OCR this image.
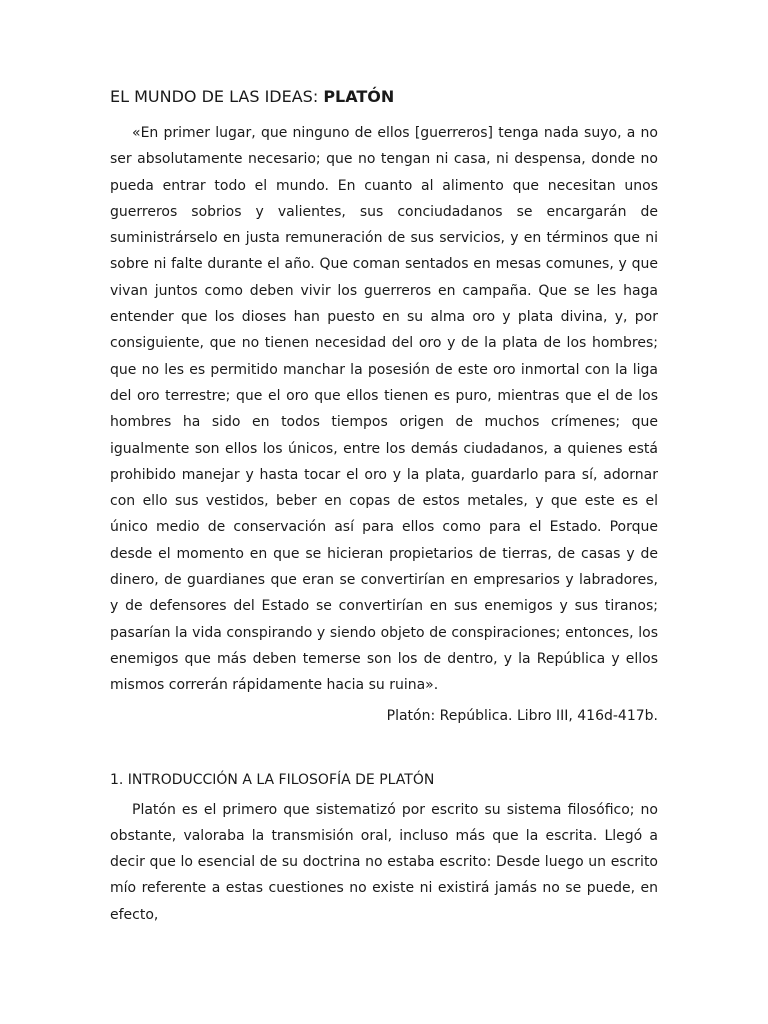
EL MUNDO DE LAS IDEAS: PLATÓN

«En primer lugar, que ninguno de ellos [guerreros] tenga nada suyo, a no ser absolutamente necesario; que no tengan ni casa, ni despensa, donde no pueda entrar todo el mundo. En cuanto al alimento que necesitan unos guerreros sobrios y valientes, sus conciudadanos se encargarán de suministrárselo en justa remuneración de sus servicios, y en términos que ni sobre ni falte durante el año. Que coman sentados en mesas comunes, y que vivan juntos como deben vivir los guerreros en campaña. Que se les haga entender que los dioses han puesto en su alma oro y plata divina, y, por consiguiente, que no tienen necesidad del oro y de la plata de los hombres; que no les es permitido manchar la posesión de este oro inmortal con la liga del oro terrestre; que el oro que ellos tienen es puro, mientras que el de los hombres ha sido en todos tiempos origen de muchos crímenes; que igualmente son ellos los únicos, entre los demás ciudadanos, a quienes está prohibido manejar y hasta tocar el oro y la plata, guardarlo para sí, adornar con ello sus vestidos, beber en copas de estos metales, y que este es el único medio de conservación así para ellos como para el Estado. Porque desde el momento en que se hicieran propietarios de tierras, de casas y de dinero, de guardianes que eran se convertirían en empresarios y labradores, y de defensores del Estado se convertirían en sus enemigos y sus tiranos; pasarían la vida conspirando y siendo objeto de conspiraciones; entonces, los enemigos que más deben temerse son los de dentro, y la República y ellos mismos correrán rápidamente hacia su ruina».

Platón: República. Libro III, 416d-417b.

1. INTRODUCCIÓN A LA FILOSOFÍA DE PLATÓN

Platón es el primero que sistematizó por escrito su sistema filosófico; no obstante, valoraba la transmisión oral, incluso más que la escrita. Llegó a decir que lo esencial de su doctrina no estaba escrito: Desde luego un escrito mío referente a estas cuestiones no existe ni existirá jamás no se puede, en efecto,
